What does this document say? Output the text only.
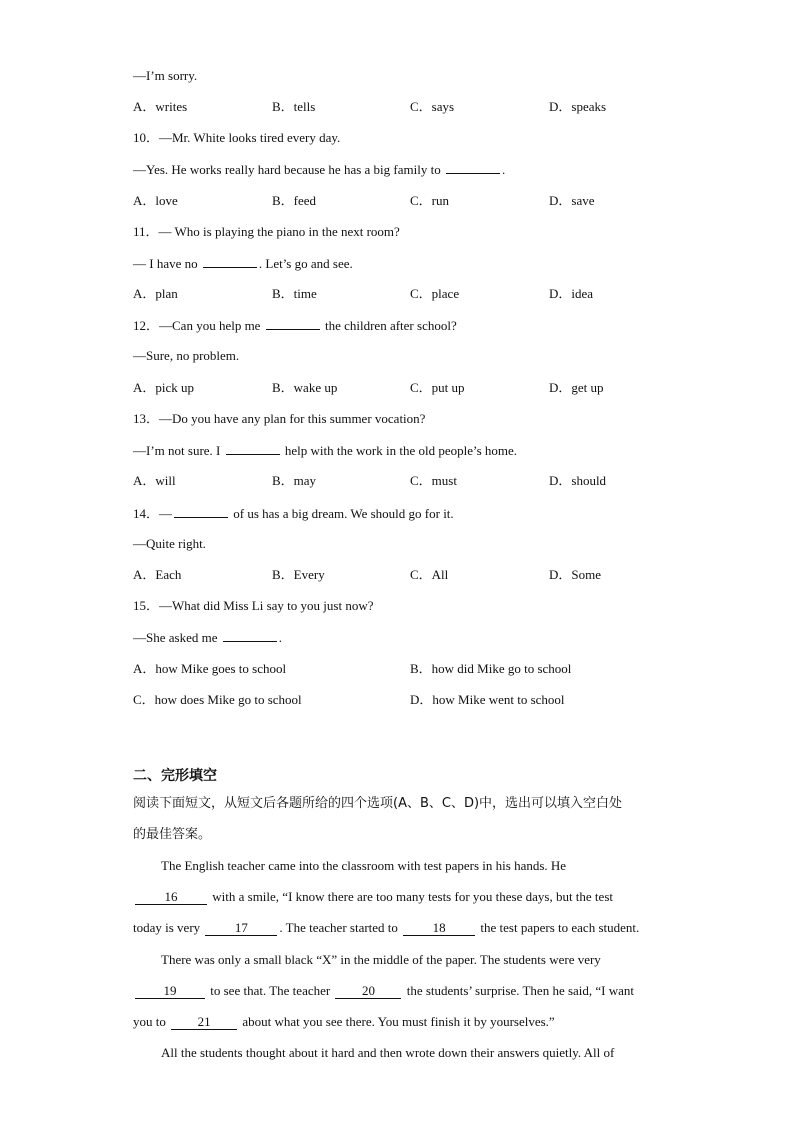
—I’m sorry.
A．writes	B．tells	C．says	D．speaks
10．—Mr. White looks tired every day.
—Yes. He works really hard because he has a big family to	.
A．love	B．feed	C．run	D．save
11．— Who is playing the piano in the next room?
— I have no	. Let’s go and see.
A．plan	B．time	C．place	D．idea
12．—Can you help me	the children after school?
—Sure, no problem.
A．pick up	B．wake up	C．put up	D．get up
13．—Do you have any plan for this summer vocation?
—I’m not sure. I	help with the work in the old people’s home.
A．will	B．may	C．must	D．should
14．—	of us has a big dream. We should go for it.
—Quite right.
A．Each	B．Every	C．All	D．Some
15．—What did Miss Li say to you just now?
—She asked me	.
A．how Mike goes to school	B．how did Mike go to school
C．how does Mike go to school	D．how Mike went to school
二、完形填空
阅读下面短文，从短文后各题所给的四个选项(A、B、C、D)中，选出可以填入空白处
的最佳答案。
The English teacher came into the classroom with test papers in his hands. He
16	with a smile, “I know there are too many tests for you these days, but the test
today is very	17 . The teacher started to	18	the test papers to each student.
There was only a small black “X” in the middle of the paper. The students were very
19	to see that. The teacher 20 the students’ surprise. Then he said, “I want
you to 21 about what you see there. You must finish it by yourselves.”
All the students thought about it hard and then wrote down their answers quietly. All of
